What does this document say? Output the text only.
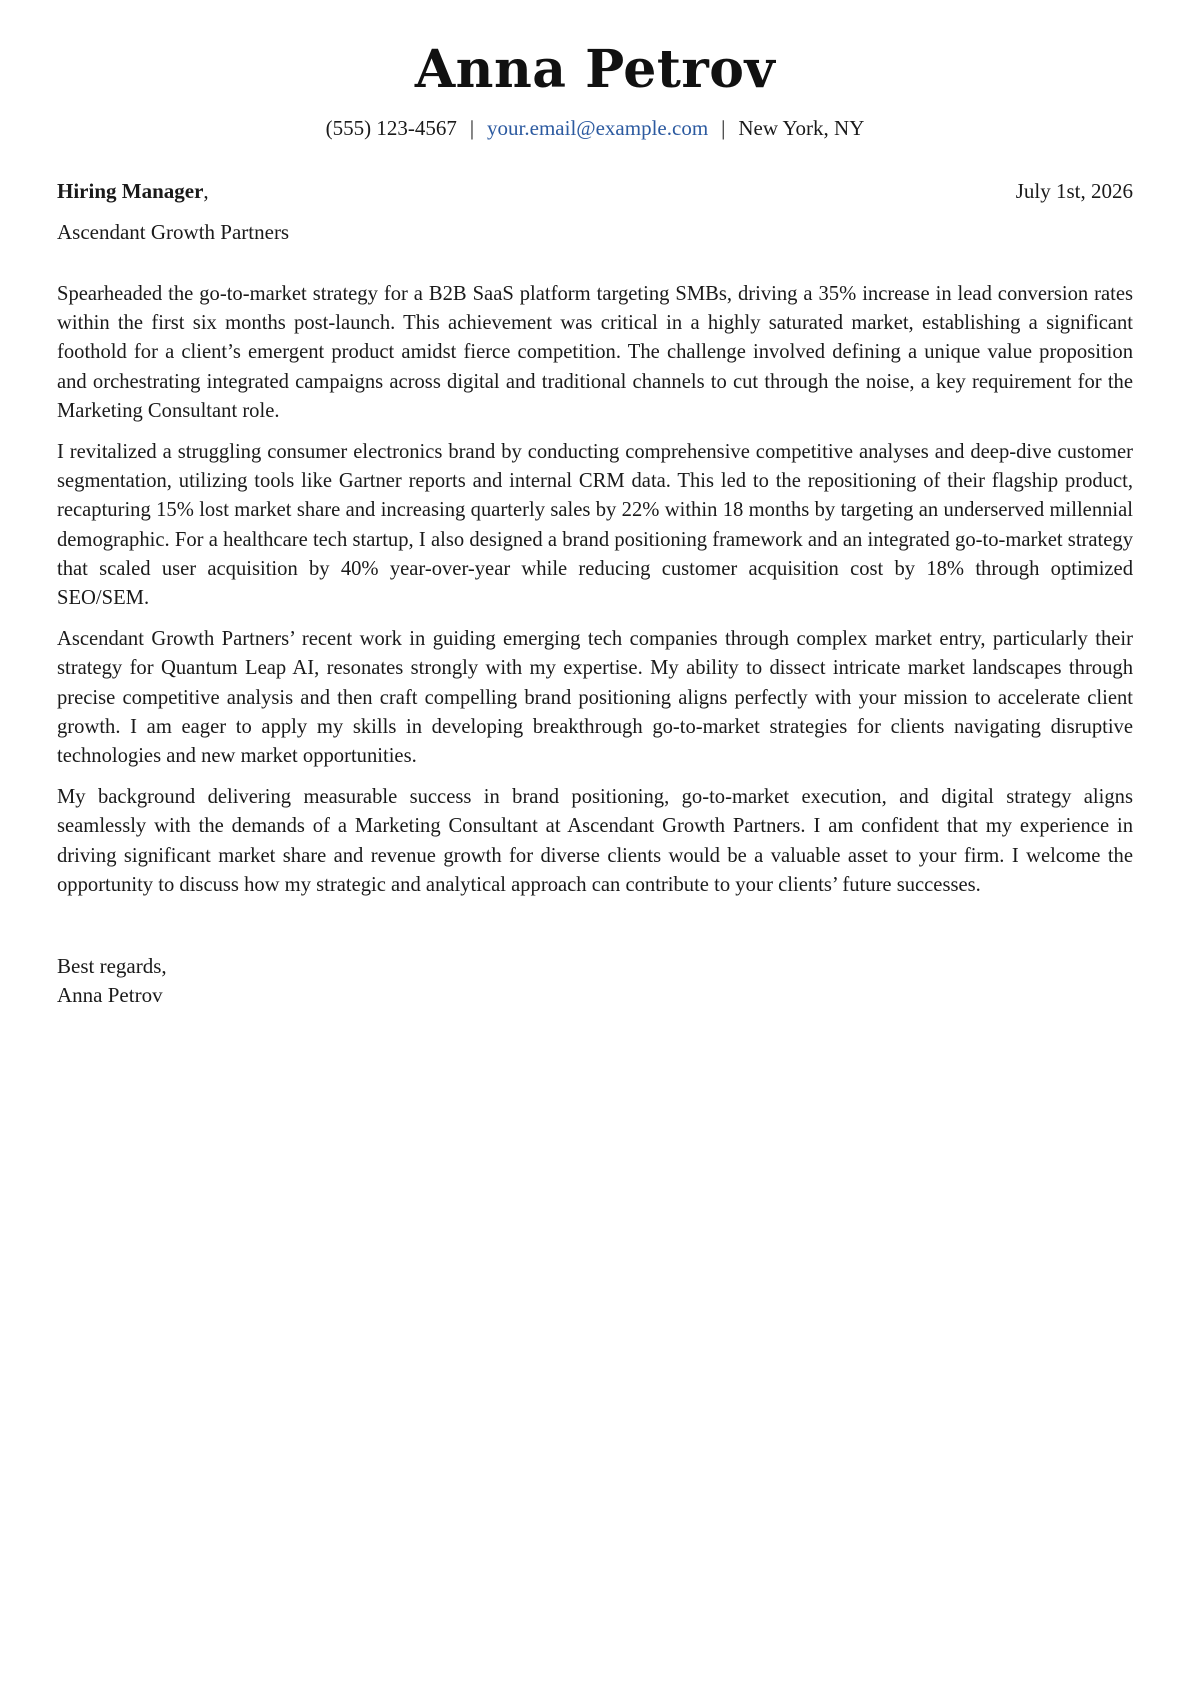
Anna Petrov
(555) 123-4567 | your.email@example.com | New York, NY
Hiring Manager,	July 1st, 2026
Ascendant Growth Partners

Spearheaded the go-to-market strategy for a B2B SaaS platform targeting SMBs, driving a 35% increase in lead conversion rates within the first six months post-launch. This achievement was critical in a highly saturated market, establishing a significant foothold for a client’s emergent product amidst fierce competition. The challenge involved defining a unique value proposition and orchestrating integrated campaigns across digital and traditional channels to cut through the noise, a key requirement for the Marketing Consultant role.

I revitalized a struggling consumer electronics brand by conducting comprehensive competitive analyses and deep-dive customer segmentation, utilizing tools like Gartner reports and internal CRM data. This led to the repositioning of their flagship product, recapturing 15% lost market share and increasing quarterly sales by 22% within 18 months by targeting an underserved millennial demographic. For a healthcare tech startup, I also designed a brand positioning framework and an integrated go-to-market strategy that scaled user acquisition by 40% year-over-year while reducing customer acquisition cost by 18% through optimized SEO/SEM.

Ascendant Growth Partners’ recent work in guiding emerging tech companies through complex market entry, particularly their strategy for Quantum Leap AI, resonates strongly with my expertise. My ability to dissect intricate market landscapes through precise competitive analysis and then craft compelling brand positioning aligns perfectly with your mission to accelerate client growth. I am eager to apply my skills in developing breakthrough go-to-market strategies for clients navigating disruptive technologies and new market opportunities.

My background delivering measurable success in brand positioning, go-to-market execution, and digital strategy aligns seamlessly with the demands of a Marketing Consultant at Ascendant Growth Partners. I am confident that my experience in driving significant market share and revenue growth for diverse clients would be a valuable asset to your firm. I welcome the opportunity to discuss how my strategic and analytical approach can contribute to your clients’ future successes.

Best regards,
Anna Petrov
